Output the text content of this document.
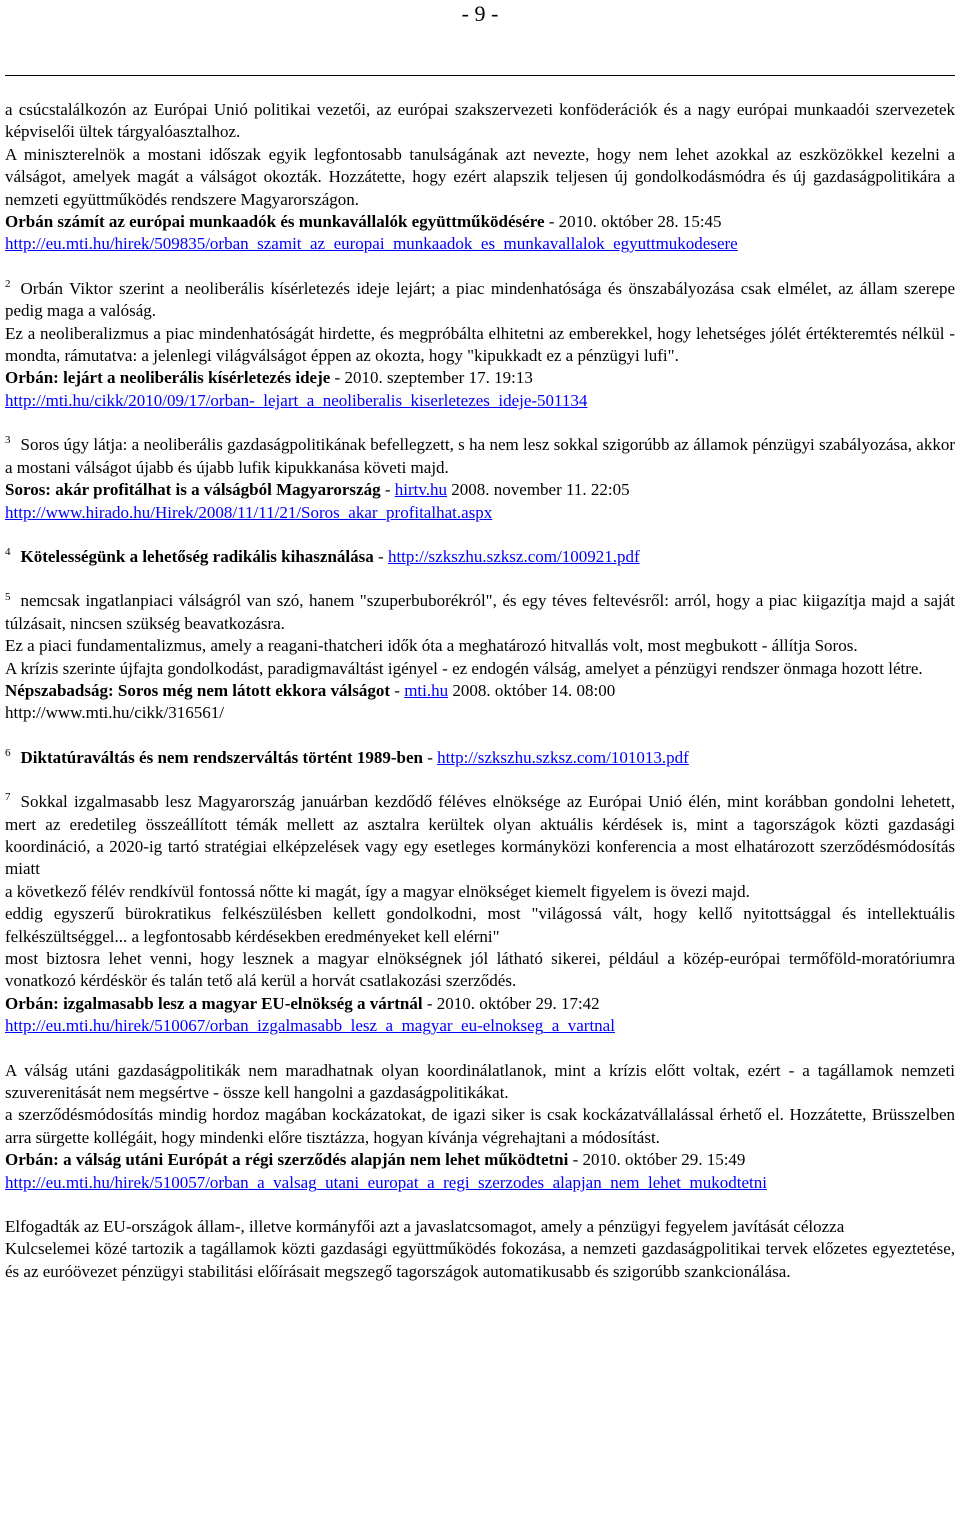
- 9 -

a csúcstalálkozón az Európai Unió politikai vezetői, az európai szakszervezeti konföderációk és a nagy európai munkaadói szervezetek képviselői ültek tárgyalóasztalhoz.

A miniszterelnök a mostani időszak egyik legfontosabb tanulságának azt nevezte, hogy nem lehet azokkal az eszközökkel kezelni a válságot, amelyek magát a válságot okozták. Hozzátette, hogy ezért alapszik teljesen új gondolkodásmódra és új gazdaságpolitikára a nemzeti együttműködés rendszere Magyarországon.

Orbán számít az európai munkaadók és munkavállalók együttműködésére - 2010. október 28. 15:45

http://eu.mti.hu/hirek/509835/orban_szamit_az_europai_munkaadok_es_munkavallalok_egyuttmukodesere

$^2$ Orbán Viktor szerint a neoliberális kísérletezés ideje lejárt; a piac mindenhatósága és önszabályozása csak elmélet, az állam szerepe pedig maga a valóság.

Ez a neoliberalizmus a piac mindenhatóságát hirdette, és megpróbálta elhitetni az emberekkel, hogy lehetséges jólét értékteremtés nélkül - mondta, rámutatva: a jelenlegi világválságot éppen az okozta, hogy "kipukkadt ez a pénzügyi lufi".

Orbán: lejárt a neoliberális kísérletezés ideje - 2010. szeptember 17. 19:13

http://mti.hu/cikk/2010/09/17/orban-_lejart_a_neoliberalis_kiserletezes_ideje-501134

$^3$ Soros úgy látja: a neoliberális gazdaságpolitikának befellegzett, s ha nem lesz sokkal szigorúbb az államok pénzügyi szabályozása, akkor a mostani válságot újabb és újabb lufik kipukkanása követi majd.

Soros: akár profitálhat is a válságból Magyarország - hirtv.hu 2008. november 11. 22:05

http://www.hirado.hu/Hirek/2008/11/11/21/Soros_akar_profitalhat.aspx

$^4$ Kötelességünk a lehetőség radikális kihasználása - http://szkszhu.szksz.com/100921.pdf

$^5$ nemcsak ingatlanpiaci válságról van szó, hanem "szuperbuborékról", és egy téves feltevésről: arról, hogy a piac kiigazítja majd a saját túlzásait, nincsen szükség beavatkozásra.

Ez a piaci fundamentalizmus, amely a reagani-thatcheri idők óta a meghatározó hitvallás volt, most megbukott - állítja Soros.

A krízis szerinte újfajta gondolkodást, paradigmaváltást igényel - ez endogén válság, amelyet a pénzügyi rendszer önmaga hozott létre.

Népszabadság: Soros még nem látott ekkora válságot - mti.hu 2008. október 14. 08:00

http://www.mti.hu/cikk/316561/

$^6$ Diktatúraváltás és nem rendszerváltás történt 1989-ben - http://szkszhu.szksz.com/101013.pdf

$^7$ Sokkal izgalmasabb lesz Magyarország januárban kezdődő féléves elnöksége az Európai Unió élén, mint korábban gondolni lehetett, mert az eredetileg összeállított témák mellett az asztalra kerültek olyan aktuális kérdések is, mint a tagországok közti gazdasági koordináció, a 2020-ig tartó stratégiai elképzelések vagy egy esetleges kormányközi konferencia a most elhatározott szerződésmódosítás miatt

a következő félév rendkívül fontossá nőtte ki magát, így a magyar elnökséget kiemelt figyelem is övezi majd.

eddig egyszerű bürokratikus felkészülésben kellett gondolkodni, most "világossá vált, hogy kellő nyitottsággal és intellektuális felkészültséggel... a legfontosabb kérdésekben eredményeket kell elérni"

most biztosra lehet venni, hogy lesznek a magyar elnökségnek jól látható sikerei, például a közép-európai termőföld-moratóriumra vonatkozó kérdéskör és talán tető alá kerül a horvát csatlakozási szerződés.

Orbán: izgalmasabb lesz a magyar EU-elnökség a vártnál - 2010. október 29. 17:42

http://eu.mti.hu/hirek/510067/orban_izgalmasabb_lesz_a_magyar_eu-elnokseg_a_vartnal

A válság utáni gazdaságpolitikák nem maradhatnak olyan koordinálatlanok, mint a krízis előtt voltak, ezért - a tagállamok nemzeti szuverenitását nem megsértve - össze kell hangolni a gazdaságpolitikákat.

a szerződésmódosítás mindig hordoz magában kockázatokat, de igazi siker is csak kockázatvállalással érhető el. Hozzátette, Brüsszelben arra sürgette kollégáit, hogy mindenki előre tisztázza, hogyan kívánja végrehajtani a módosítást.

Orbán: a válság utáni Európát a régi szerződés alapján nem lehet működtetni - 2010. október 29. 15:49

http://eu.mti.hu/hirek/510057/orban_a_valsag_utani_europat_a_regi_szerzodes_alapjan_nem_lehet_mukodtetni

Elfogadták az EU-országok állam-, illetve kormányfői azt a javaslatcsomagot, amely a pénzügyi fegyelem javítását célozza

Kulcselemei közé tartozik a tagállamok közti gazdasági együttműködés fokozása, a nemzeti gazdaságpolitikai tervek előzetes egyeztetése, és az euróövezet pénzügyi stabilitási előírásait megszegő tagországok automatikusabb és szigorúbb szankcionálása.
